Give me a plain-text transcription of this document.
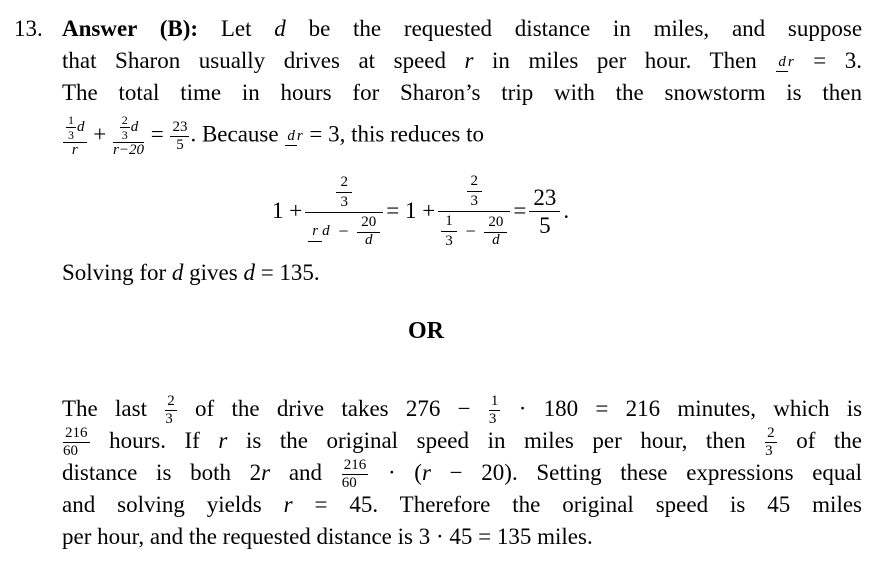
13. Answer (B): Let d be the requested distance in miles, and suppose
that Sharon usually drives at speed r in miles per hour. Then d r = 3.
The total time in hours for Sharon’s trip with the snowstorm is then
$\frac{\frac{1}{3} d}{r} + \frac{\frac{2}{3} d}{r-20} = \frac{23}{5}$ . Because d r = 3, this reduces to
$1 + \frac{\frac{2}{3}}{r d - \frac{20}{d}} = 1 + \frac{\frac{2}{3}}{\frac{1}{3} - \frac{20}{d}} = \frac{23}{5}$ .
Solving for d gives d = 135.
OR
The last $\frac{2}{3}$ of the drive takes $276 - \frac{1}{3} \cdot 180 = 216$ minutes, which is
$\frac{216}{60}$ hours. If r is the original speed in miles per hour, then $\frac{2}{3}$ of the
distance is both 2r and $\frac{216}{60} \cdot (r - 20)$. Setting these expressions equal
and solving yields r = 45. Therefore the original speed is 45 miles
per hour, and the requested distance is 3 · 45 = 135 miles.
